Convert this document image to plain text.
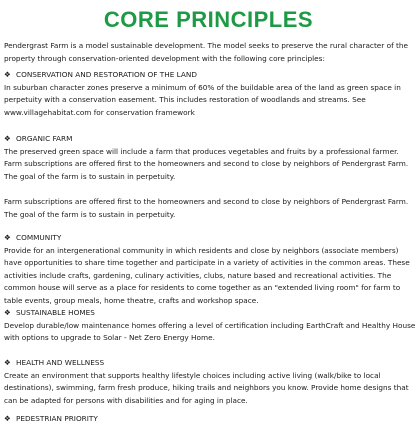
CORE PRINCIPLES
Pendergrast Farm is a model sustainable development. The model seeks to preserve the rural character of the
property through conservation-oriented development with the following core principles:
❖ CONSERVATION AND RESTORATION OF THE LAND
In suburban character zones preserve a minimum of 60% of the buildable area of the land as green space in
perpetuity with a conservation easement. This includes restoration of woodlands and streams. See
www.villagehabitat.com for conservation framework
❖ ORGANIC FARM
The preserved green space will include a farm that produces vegetables and fruits by a professional farmer.
Farm subscriptions are offered first to the homeowners and second to close by neighbors of Pendergrast Farm.
The goal of the farm is to sustain in perpetuity.

Farm subscriptions are offered first to the homeowners and second to close by neighbors of Pendergrast Farm.
The goal of the farm is to sustain in perpetuity.
❖ COMMUNITY
Provide for an intergenerational community in which residents and close by neighbors (associate members)
have opportunities to share time together and participate in a variety of activities in the common areas. These
activities include crafts, gardening, culinary activities, clubs, nature based and recreational activities. The
common house will serve as a place for residents to come together as an "extended living room" for farm to
table events, group meals, home theatre, crafts and workshop space.
❖ SUSTAINABLE HOMES
Develop durable/low maintenance homes offering a level of certification including EarthCraft and Healthy House
with options to upgrade to Solar - Net Zero Energy Home.
❖ HEALTH AND WELLNESS
Create an environment that supports healthy lifestyle choices including active living (walk/bike to local
destinations), swimming, farm fresh produce, hiking trails and neighbors you know. Provide home designs that
can be adapted for persons with disabilities and for aging in place.
❖ PEDESTRIAN PRIORITY
